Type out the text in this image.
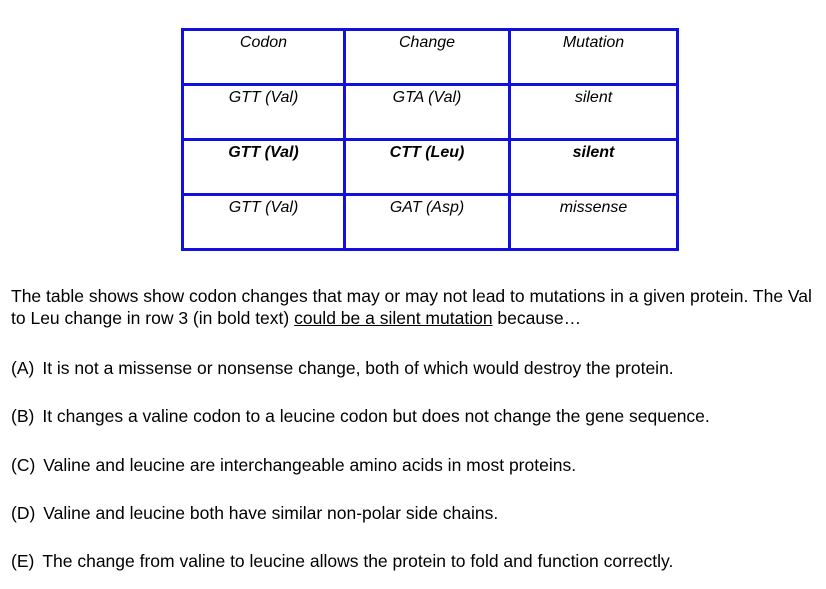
Codon	Change	Mutation

GTT (Val)	GTA (Val)	silent

GTT (Val)	CTT (Leu)	silent

GTT (Val)	GAT (Asp)	missense

The table shows show codon changes that may or may not lead to mutations in a given protein. The Val to Leu change in row 3 (in bold text) could be a silent mutation because…

(A) It is not a missense or nonsense change, both of which would destroy the protein.
(B) It changes a valine codon to a leucine codon but does not change the gene sequence.
(C) Valine and leucine are interchangeable amino acids in most proteins.
(D) Valine and leucine both have similar non-polar side chains.
(E) The change from valine to leucine allows the protein to fold and function correctly.
